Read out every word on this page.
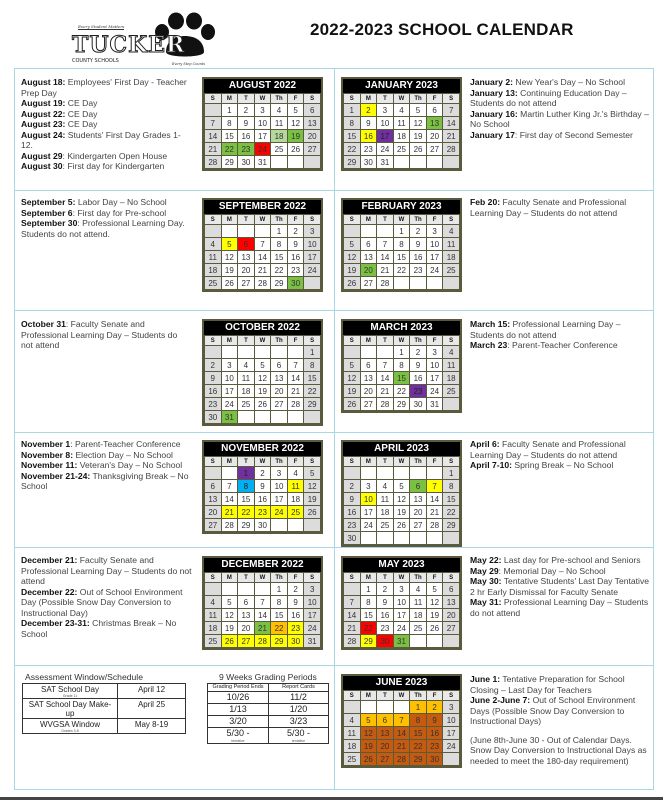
Every Student Matters
TUCKER
COUNTY SCHOOLS	Every Step Counts
2022-2023 SCHOOL CALENDAR
August 18: Employees' First Day - Teacher Prep Day
August 19: CE Day
August 22: CE Day
August 23: CE Day
August 24: Students' First Day Grades 1-12.
August 29: Kindergarten Open House
August 30: First day for Kindergarten
January 2: New Year's Day – No School
January 13: Continuing Education Day – Students do not attend
January 16: Martin Luther King Jr.'s Birthday – No School
January 17: First day of Second Semester
September 5: Labor Day – No School
September 6: First day for Pre-school
September 30: Professional Learning Day. Students do not attend.
Feb 20: Faculty Senate and Professional Learning Day – Students do not attend
October 31: Faculty Senate and Professional Learning Day – Students do not attend
March 15: Professional Learning Day – Students do not attend
March 23: Parent-Teacher Conference
November 1: Parent-Teacher Conference
November 8: Election Day – No School
November 11: Veteran's Day – No School
November 21-24: Thanksgiving Break – No School
April 6: Faculty Senate and Professional Learning Day – Students do not attend
April 7-10: Spring Break – No School
December 21: Faculty Senate and Professional Learning Day – Students do not attend
December 22: Out of School Environment Day (Possible Snow Day Conversion to Instructional Day)
December 23-31: Christmas Break – No School
May 22: Last day for Pre-school and Seniors
May 29: Memorial Day – No School
May 30: Tentative Students' Last Day Tentative 2 hr Early Dismissal for Faculty Senate
May 31: Professional Learning Day – Students do not attend
June 1: Tentative Preparation for School Closing – Last Day for Teachers
June 2-June 7: Out of School Environment Days (Possible Snow Day Conversion to Instructional Days)
(June 8th-June 30 - Out of Calendar Days. Snow Day Conversion to Instructional Days as needed to meet the 180-day requirement)
AUGUST 2022
S	M	T	W	Th	F	S
	1	2	3	4	5	6
7	8	9	10	11	12	13
14	15	16	17	18	19	20
21	22	23	24	25	26	27
28	29	30	31			
JANUARY 2023
S	M	T	W	Th	F	S
1	2	3	4	5	6	7
8	9	10	11	12	13	14
15	16	17	18	19	20	21
22	23	24	25	26	27	28
29	30	31				
SEPTEMBER 2022
S	M	T	W	Th	F	S
				1	2	3
4	5	6	7	8	9	10
11	12	13	14	15	16	17
18	19	20	21	22	23	24
25	26	27	28	29	30	
FEBRUARY 2023
S	M	T	W	Th	F	S
			1	2	3	4
5	6	7	8	9	10	11
12	13	14	15	16	17	18
19	20	21	22	23	24	25
26	27	28				
OCTOBER 2022
S	M	T	W	Th	F	S
						1
2	3	4	5	6	7	8
9	10	11	12	13	14	15
16	17	18	19	20	21	22
23	24	25	26	27	28	29
30	31					
MARCH 2023
S	M	T	W	Th	F	S
			1	2	3	4
5	6	7	8	9	10	11
12	13	14	15	16	17	18
19	20	21	22	23	24	25
26	27	28	29	30	31	
NOVEMBER 2022
S	M	T	W	Th	F	S
		1	2	3	4	5
6	7	8	9	10	11	12
13	14	15	16	17	18	19
20	21	22	23	24	25	26
27	28	29	30			
APRIL 2023
S	M	T	W	Th	F	S
						1
2	3	4	5	6	7	8
9	10	11	12	13	14	15
16	17	18	19	20	21	22
23	24	25	26	27	28	29
30						
DECEMBER 2022
S	M	T	W	Th	F	S
				1	2	3
4	5	6	7	8	9	10
11	12	13	14	15	16	17
18	19	20	21	22	23	24
25	26	27	28	29	30	31
MAY 2023
S	M	T	W	Th	F	S
	1	2	3	4	5	6
7	8	9	10	11	12	13
14	15	16	17	18	19	20
21	22	23	24	25	26	27
28	29	30	31			
JUNE 2023
S	M	T	W	Th	F	S
				1	2	3
4	5	6	7	8	9	10
11	12	13	14	15	16	17
18	19	20	21	22	23	24
25	26	27	28	29	30	
Assessment Window/Schedule
SAT School Day
Grade 11	April 12
SAT School Day Make-up	April 25
WVGSA Window
Grades 3-8	May 8-19
9 Weeks Grading Periods
Grading Period Ends	Report Cards

10/26	11/2

1/13	1/20

3/20	3/23

5/30 -
tentative	5/30 -
tentative
